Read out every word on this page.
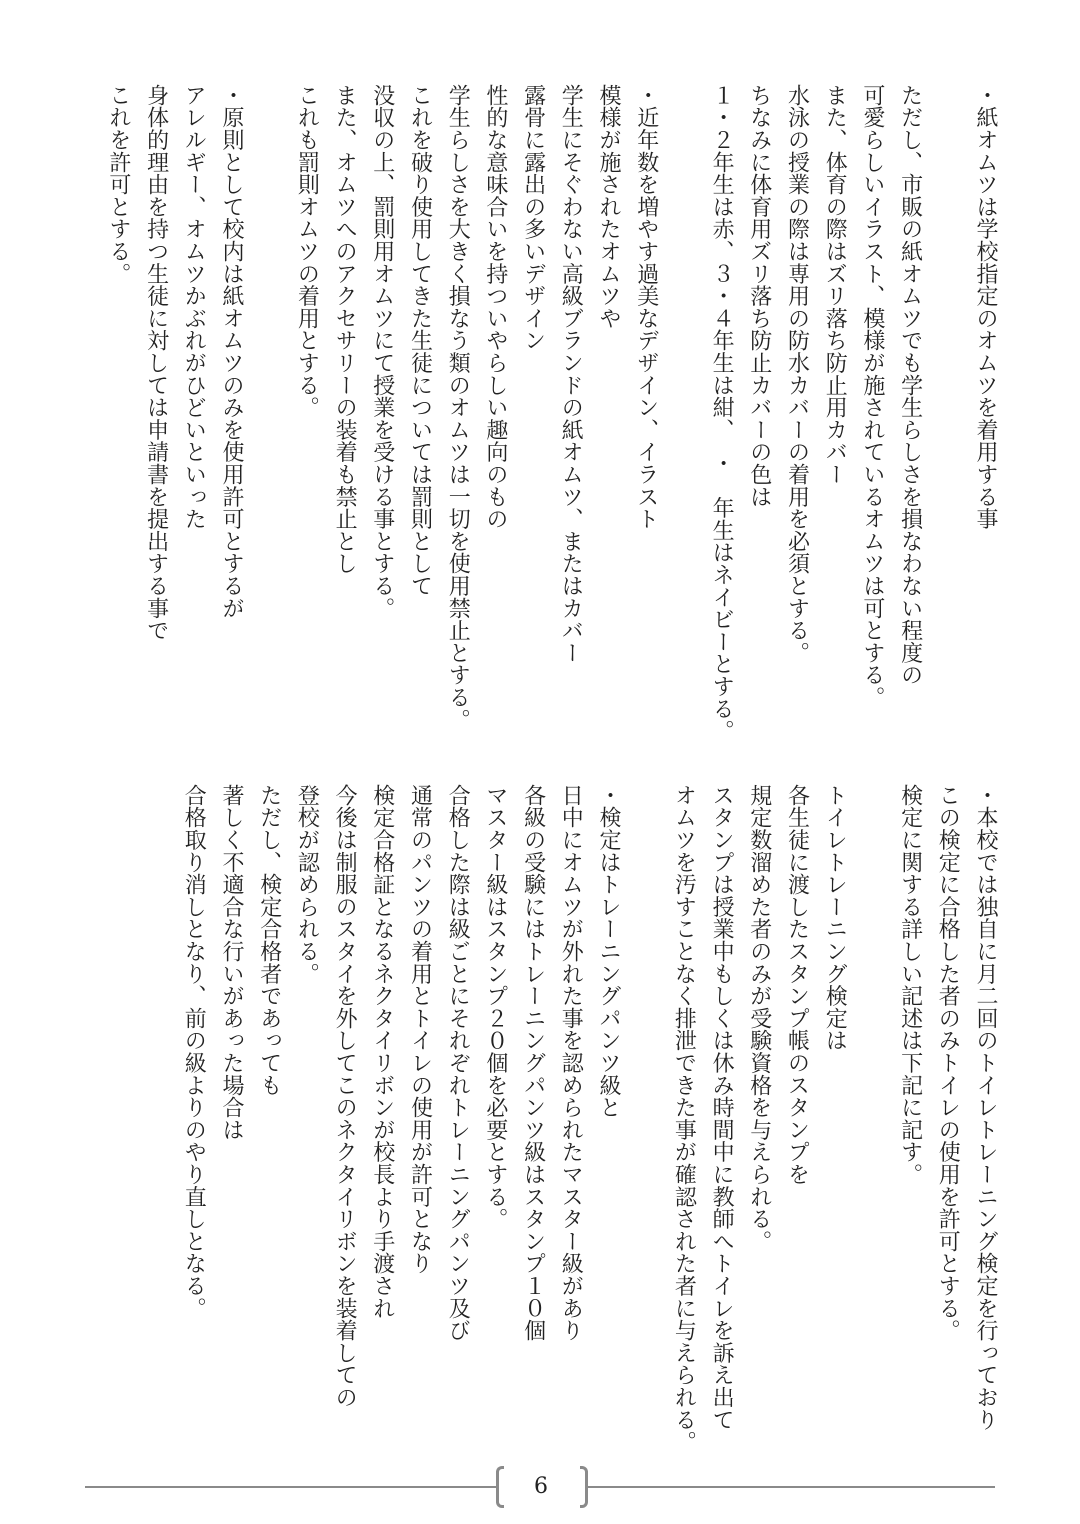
・紙オムツは学校指定のオムツを着用する事
ただし、市販の紙オムツでも学生らしさを損なわない程度の
可愛らしいイラスト、模様が施されているオムツは可とする。
また、体育の際はズリ落ち防止用カバー
水泳の授業の際は専用の防水カバーの着用を必須とする。
ちなみに体育用ズリ落ち防止カバーの色は
１・２年生は赤、３・４年生は紺、　・　年生はネイビーとする。
・近年数を増やす過美なデザイン、イラスト
模様が施されたオムツや
学生にそぐわない高級ブランドの紙オムツ、またはカバー
露骨に露出の多いデザイン
性的な意味合いを持ついやらしい趣向のもの
学生らしさを大きく損なう類のオムツは一切を使用禁止とする。
これを破り使用してきた生徒については罰則として
没収の上、罰則用オムツにて授業を受ける事とする。
また、オムツへのアクセサリーの装着も禁止とし
これも罰則オムツの着用とする。
・原則として校内は紙オムツのみを使用許可とするが
アレルギー、オムツかぶれがひどいといった
身体的理由を持つ生徒に対しては申請書を提出する事で
これを許可とする。
・本校では独自に月二回のトイレトレーニング検定を行っており
この検定に合格した者のみトイレの使用を許可とする。
検定に関する詳しい記述は下記に記す。
トイレトレーニング検定は
各生徒に渡したスタンプ帳のスタンプを
規定数溜めた者のみが受験資格を与えられる。
スタンプは授業中もしくは休み時間中に教師へトイレを訴え出て
オムツを汚すことなく排泄できた事が確認された者に与えられる。
・検定はトレーニングパンツ級と
日中にオムツが外れた事を認められたマスター級があり
各級の受験にはトレーニングパンツ級はスタンプ１０個
マスター級はスタンプ２０個を必要とする。
合格した際は級ごとにそれぞれトレーニングパンツ及び
通常のパンツの着用とトイレの使用が許可となり
検定合格証となるネクタイリボンが校長より手渡され
今後は制服のスタイを外してこのネクタイリボンを装着しての
登校が認められる。
ただし、検定合格者であっても
著しく不適合な行いがあった場合は
合格取り消しとなり、前の級よりのやり直しとなる。
6
